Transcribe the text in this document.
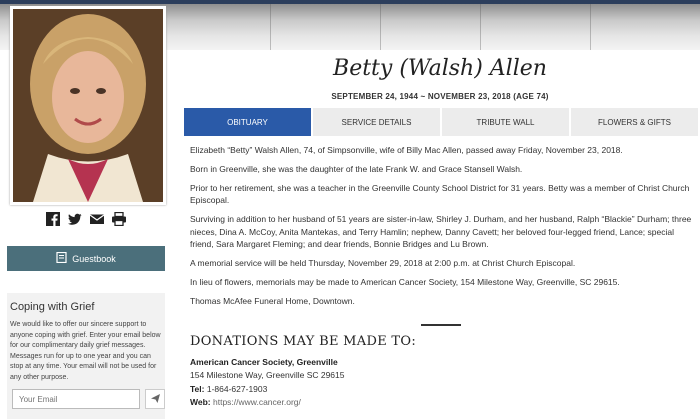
Guestbook
Coping with Grief

We would like to offer our sincere support to anyone coping with grief. Enter your email below for our complimentary daily grief messages. Messages run for up to one year and you can stop at any time. Your email will not be used for any other purpose.

Your Email
Betty (Walsh) Allen
SEPTEMBER 24, 1944 ~ NOVEMBER 23, 2018 (AGE 74)
OBITUARY	SERVICE DETAILS	TRIBUTE WALL	FLOWERS & GIFTS

Elizabeth “Betty” Walsh Allen, 74, of Simpsonville, wife of Billy Mac Allen, passed away Friday, November 23, 2018.

Born in Greenville, she was the daughter of the late Frank W. and Grace Stansell Walsh.

Prior to her retirement, she was a teacher in the Greenville County School District for 31 years. Betty was a member of Christ Church Episcopal.

Surviving in addition to her husband of 51 years are sister-in-law, Shirley J. Durham, and her husband, Ralph “Blackie” Durham; three nieces, Dina A. McCoy, Anita Mantekas, and Terry Hamlin; nephew, Danny Cavett; her beloved four-legged friend, Lance; special friend, Sara Margaret Fleming; and dear friends, Bonnie Bridges and Lu Brown.

A memorial service will be held Thursday, November 29, 2018 at 2:00 p.m. at Christ Church Episcopal.

In lieu of flowers, memorials may be made to American Cancer Society, 154 Milestone Way, Greenville, SC 29615.

Thomas McAfee Funeral Home, Downtown.

DONATIONS MAY BE MADE TO:
American Cancer Society, Greenville
154 Milestone Way, Greenville SC 29615
Tel: 1-864-627-1903
Web: https://www.cancer.org/
